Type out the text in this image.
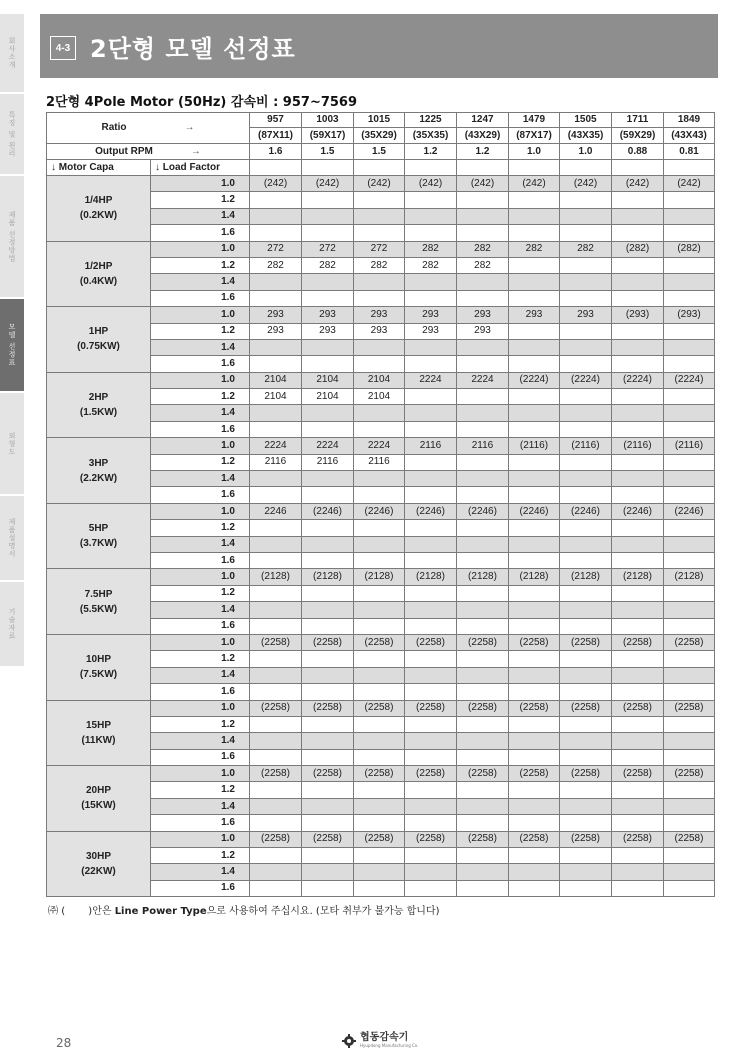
회사소개
특징 및 원리
제품 선정방법
모델 선정표
외형도
제품설명서
기술자료
4-3 2단형 모델 선정표
2단형 4Pole Motor (50Hz) 감속비 : 957~7569
Ratio →		957	1003	1015	1225	1247	1479	1505	1711	1849
		(87X11)	(59X17)	(35X29)	(35X35)	(43X29)	(87X17)	(43X35)	(59X29)	(43X43)
Output RPM →		1.6	1.5	1.5	1.2	1.2	1.0	1.0	0.88	0.81
↓ Motor Capa	↓ Load Factor									

1/4HP
(0.2KW)	1.0	(242)	(242)	(242)	(242)	(242)	(242)	(242)	(242)	(242)
	1.2									
	1.4									
	1.6									

1/2HP
(0.4KW)	1.0	272	272	272	282	282	282	282	(282)	(282)
	1.2	282	282	282	282	282				
	1.4									
	1.6									

1HP
(0.75KW)	1.0	293	293	293	293	293	293	293	(293)	(293)
	1.2	293	293	293	293	293				
	1.4									
	1.6									

2HP
(1.5KW)	1.0	2104	2104	2104	2224	2224	(2224)	(2224)	(2224)	(2224)
	1.2	2104	2104	2104						
	1.4									
	1.6									

3HP
(2.2KW)	1.0	2224	2224	2224	2116	2116	(2116)	(2116)	(2116)	(2116)
	1.2	2116	2116	2116						
	1.4									
	1.6									

5HP
(3.7KW)	1.0	2246	(2246)	(2246)	(2246)	(2246)	(2246)	(2246)	(2246)	(2246)
	1.2									
	1.4									
	1.6									

7.5HP
(5.5KW)	1.0	(2128)	(2128)	(2128)	(2128)	(2128)	(2128)	(2128)	(2128)	(2128)
	1.2									
	1.4									
	1.6									

10HP
(7.5KW)	1.0	(2258)	(2258)	(2258)	(2258)	(2258)	(2258)	(2258)	(2258)	(2258)
	1.2									
	1.4									
	1.6									

15HP
(11KW)	1.0	(2258)	(2258)	(2258)	(2258)	(2258)	(2258)	(2258)	(2258)	(2258)
	1.2									
	1.4									
	1.6									

20HP
(15KW)	1.0	(2258)	(2258)	(2258)	(2258)	(2258)	(2258)	(2258)	(2258)	(2258)
	1.2									
	1.4									
	1.6									

30HP
(22KW)	1.0	(2258)	(2258)	(2258)	(2258)	(2258)	(2258)	(2258)	(2258)	(2258)
	1.2									
	1.4									
	1.6									
㈜ ( )안은 Line Power Type으로 사용하여 주십시요. (모타 취부가 불가능 합니다)
28	협동감속기
Hyupdong Manufacturing Co.
